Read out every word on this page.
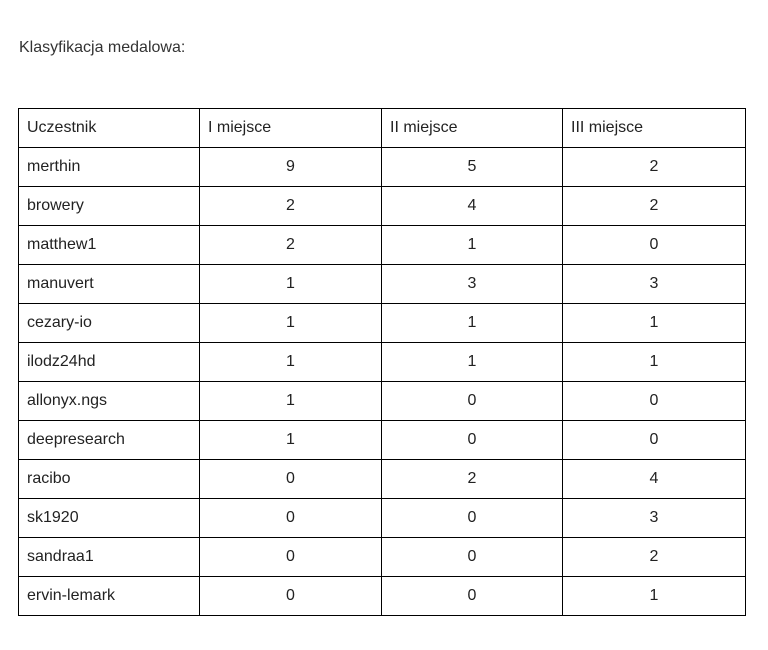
Klasyfikacja medalowa:
Uczestnik	I miejsce	II miejsce	III miejsce
merthin	9	5	2
browery	2	4	2
matthew1	2	1	0
manuvert	1	3	3
cezary-io	1	1	1
ilodz24hd	1	1	1
allonyx.ngs	1	0	0
deepresearch	1	0	0
racibo	0	2	4
sk1920	0	0	3
sandraa1	0	0	2
ervin-lemark	0	0	1
